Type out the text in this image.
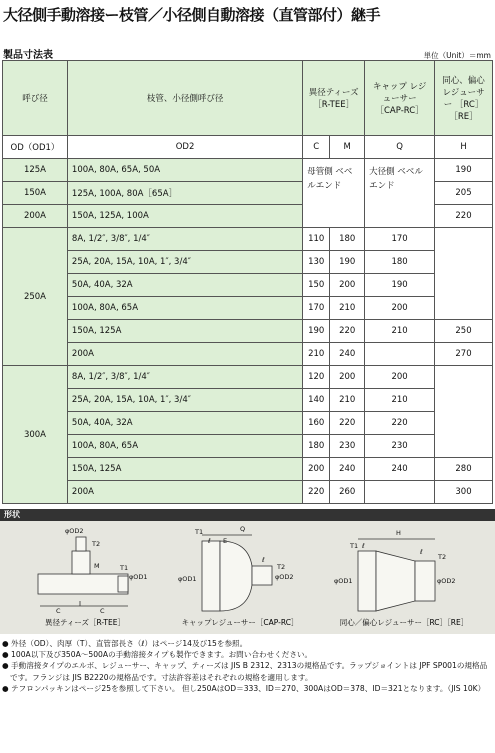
大径側手動溶接ー枝管／小径側自動溶接（直管部付）継手
製品寸法表	単位（Unit）＝mm
呼び径	枝管、小径側呼び径	異径ティーズ［R-TEE］		キャップ レジューサー ［CAP-RC］	同心、偏心 レジューサー ［RC］［RE］
OD（OD1）	OD2	C	M	Q	H
125A	100A, 80A, 65A, 50A	母管側 ベベルエンド		大径側 ベベルエンド	190
150A	125A, 100A, 80A［65A］				205
200A	150A, 125A, 100A				220
250A	8A, 1/2″, 3/8″, 1/4″	110	180	170	
	25A, 20A, 15A, 10A, 1″, 3/4″	130	190	180	
	50A, 40A, 32A	150	200	190	
	100A, 80A, 65A	170	210	200	
	150A, 125A	190	220	210	250
	200A	210	240		270
300A	8A, 1/2″, 3/8″, 1/4″	120	200	200	
	25A, 20A, 15A, 10A, 1″, 3/4″	140	210	210	
	50A, 40A, 32A	160	220	220	
	100A, 80A, 65A	180	230	230	
	150A, 125A	200	240	240	280
	200A	220	260		300
形状
φOD2
T2
M	T1
φOD1
C	C
異径ティーズ［R-TEE］
T1
ℓ E
Q
ℓ
T2
φOD2
φOD1
キャップレジューサー［CAP-RC］
H
T1 ℓ
ℓ
T2
φOD2
φOD1
同心／偏心レジューサー［RC］［RE］
● 外径（OD）、肉厚（T）、直管部長さ（ℓ）はページ14及び15を参照。
● 100A以下及び350A～500Aの手動溶接タイプも製作できます。お問い合わせください。
● 手動溶接タイプのエルボ、レジューサー、キャップ、ティーズは JIS B 2312、2313の規格品です。ラップジョイントは JPF SP001の規格品です。フランジは JIS B2220の規格品です。寸法許容差はそれぞれの規格を適用します。
● テフロンパッキンはページ25を参照して下さい。 但し250AはOD＝333、ID＝270、300AはOD＝378、ID＝321となります。（JIS 10K）
